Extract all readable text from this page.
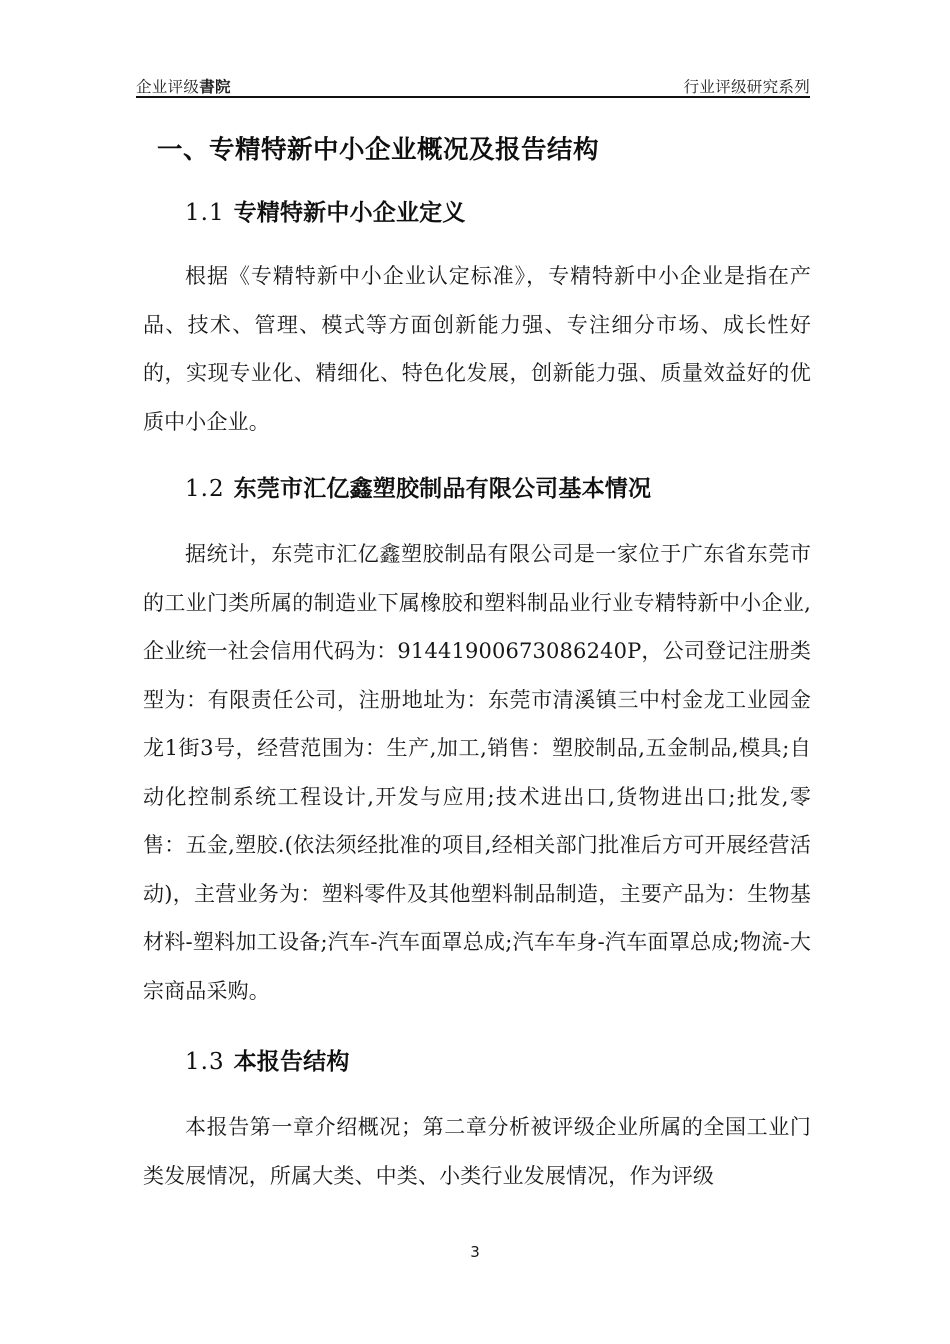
企业评级書院	行业评级研究系列
一、专精特新中小企业概况及报告结构
1.1 专精特新中小企业定义

根据《专精特新中小企业认定标准》，专精特新中小企业是指在产品、技术、管理、模式等方面创新能力强、专注细分市场、成长性好的，实现专业化、精细化、特色化发展，创新能力强、质量效益好的优质中小企业。

1.2 东莞市汇亿鑫塑胶制品有限公司基本情况

据统计，东莞市汇亿鑫塑胶制品有限公司是一家位于广东省东莞市的工业门类所属的制造业下属橡胶和塑料制品业行业专精特新中小企业,企业统一社会信用代码为：91441900673086240P，公司登记注册类型为：有限责任公司，注册地址为：东莞市清溪镇三中村金龙工业园金龙1街3号，经营范围为：生产,加工,销售：塑胶制品,五金制品,模具;自动化控制系统工程设计,开发与应用;技术进出口,货物进出口;批发,零售：五金,塑胶.(依法须经批准的项目,经相关部门批准后方可开展经营活动)，主营业务为：塑料零件及其他塑料制品制造，主要产品为：生物基材料-塑料加工设备;汽车-汽车面罩总成;汽车车身-汽车面罩总成;物流-大宗商品采购。

1.3 本报告结构

本报告第一章介绍概况；第二章分析被评级企业所属的全国工业门类发展情况，所属大类、中类、小类行业发展情况，作为评级

3
